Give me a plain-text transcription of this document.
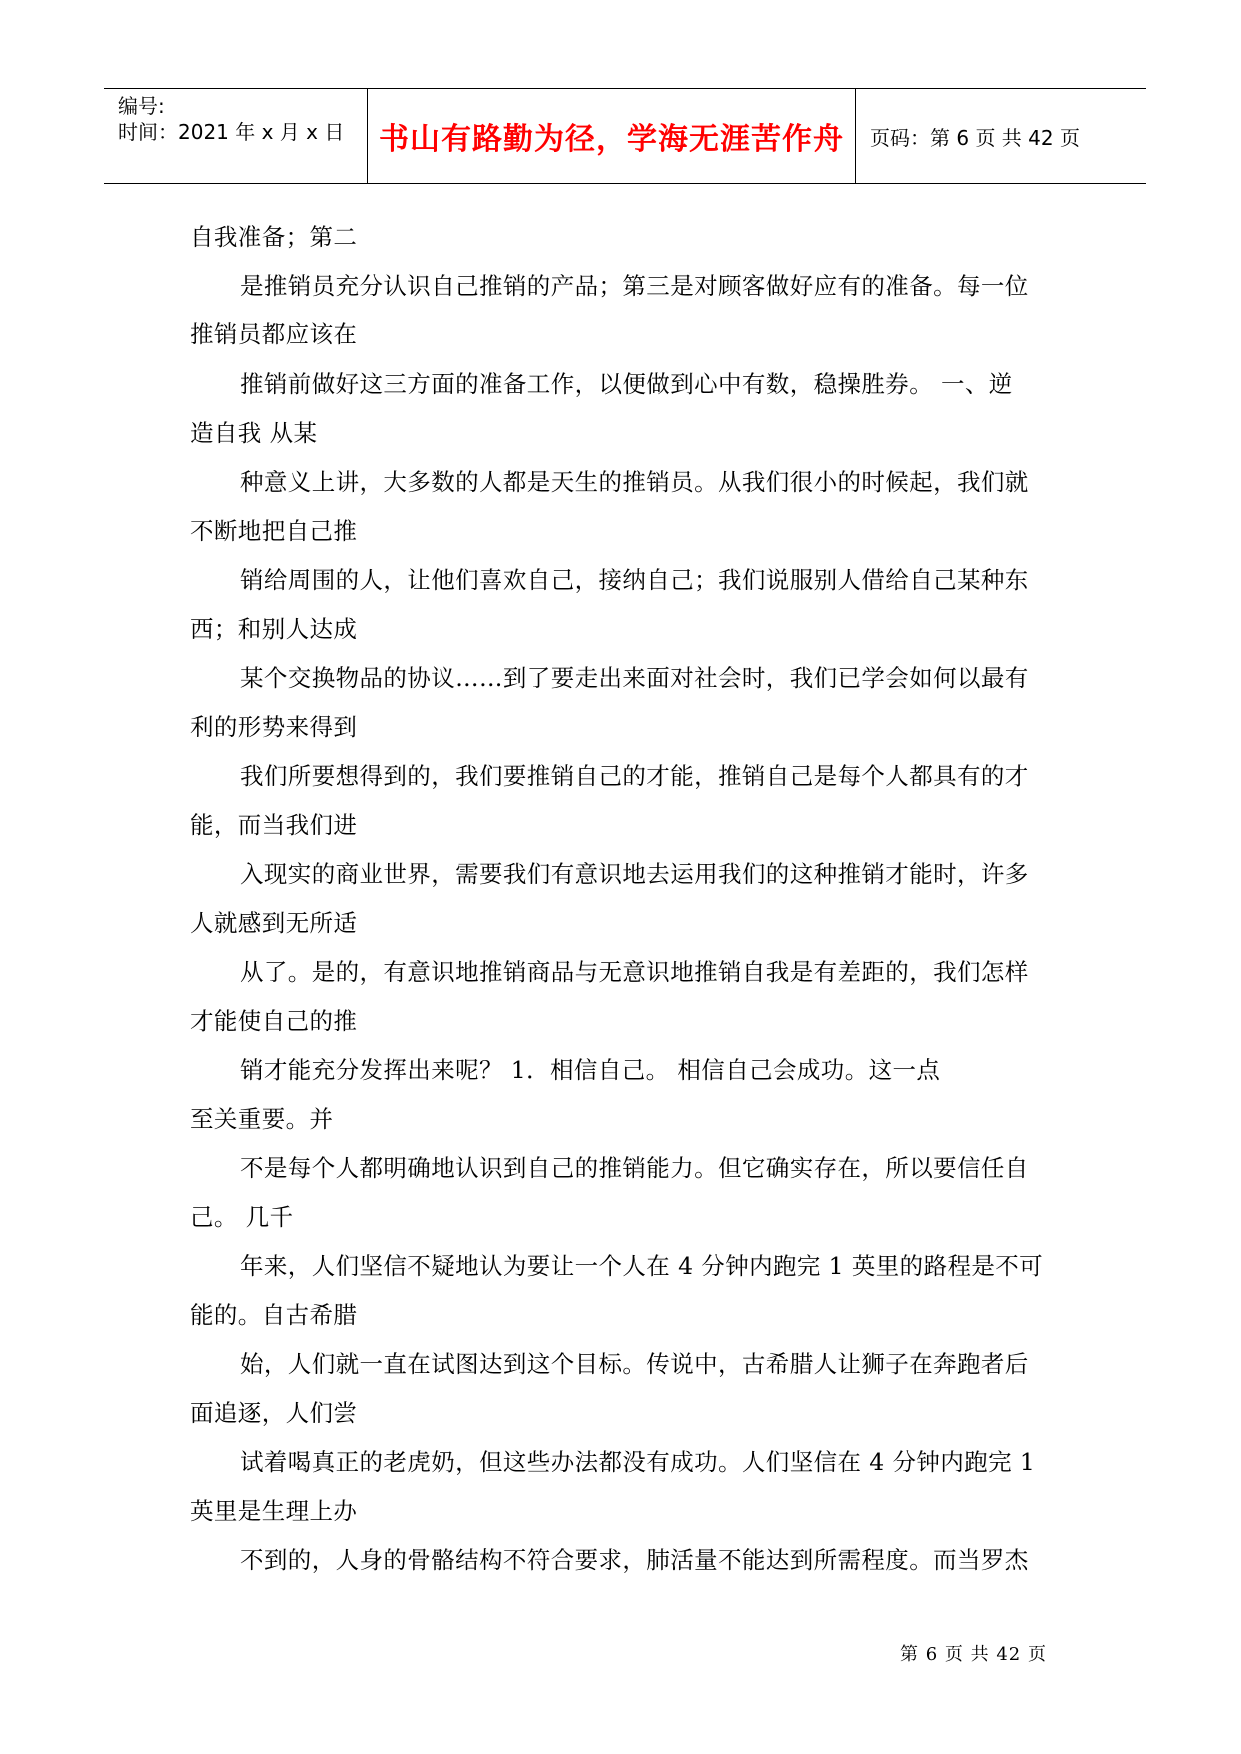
编号:
时间：2021 年 x 月 x 日 书山有路勤为径，学海无涯苦作舟 页码：第 6 页 共 42 页
自我准备；第二
是推销员充分认识自己推销的产品；第三是对顾客做好应有的准备。每一位
推销员都应该在
推销前做好这三方面的准备工作，以便做到心中有数，稳操胜券。 一、逆
造自我 从某
种意义上讲，大多数的人都是天生的推销员。从我们很小的时候起，我们就
不断地把自己推
销给周围的人，让他们喜欢自己，接纳自己；我们说服别人借给自己某种东
西；和别人达成
某个交换物品的协议……到了要走出来面对社会时，我们已学会如何以最有
利的形势来得到
我们所要想得到的，我们要推销自己的才能，推销自己是每个人都具有的才
能，而当我们进
入现实的商业世界，需要我们有意识地去运用我们的这种推销才能时，许多
人就感到无所适
从了。是的，有意识地推销商品与无意识地推销自我是有差距的，我们怎样
才能使自己的推
销才能充分发挥出来呢？ 1．相信自己。 相信自己会成功。这一点
至关重要。并
不是每个人都明确地认识到自己的推销能力。但它确实存在，所以要信任自
己。 几千
年来，人们坚信不疑地认为要让一个人在 4 分钟内跑完 1 英里的路程是不可
能的。自古希腊
始，人们就一直在试图达到这个目标。传说中，古希腊人让狮子在奔跑者后
面追逐，人们尝
试着喝真正的老虎奶，但这些办法都没有成功。人们坚信在 4 分钟内跑完 1
英里是生理上办
不到的，人身的骨骼结构不符合要求，肺活量不能达到所需程度。而当罗杰
第 6 页 共 42 页
